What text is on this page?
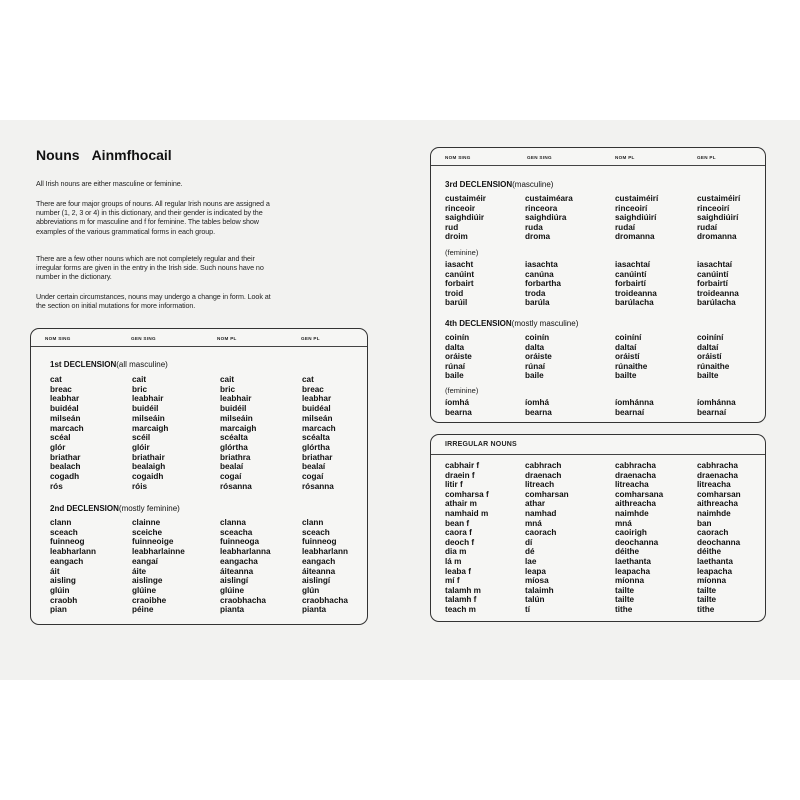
Nouns Ainmfhocail

All Irish nouns are either masculine or feminine.

There are four major groups of nouns. All regular Irish nouns are assigned a

number (1, 2, 3 or 4) in this dictionary, and their gender is indicated by the

abbreviations m for masculine and f for feminine. The tables below show

examples of the various grammatical forms in each group.

There are a few other nouns which are not completely regular and their

irregular forms are given in the entry in the Irish side. Such nouns have no

number in the dictionary.

Under certain circumstances, nouns may undergo a change in form. Look at

the section on initial mutations for more information.

NOM SING	GEN SING	NOM PL	GEN PL
1st DECLENSION(all masculine)
cat	cait	cait	cat
breac	bric	bric	breac
leabhar	leabhair	leabhair	leabhar
buidéal	buidéil	buidéil	buidéal
milseán	milseáin	milseáin	milseán
marcach	marcaigh	marcaigh	marcach
scéal	scéil	scéalta	scéalta
glór	glóir	glórtha	glórtha
briathar	briathair	briathra	briathar
bealach	bealaigh	bealaí	bealaí
cogadh	cogaidh	cogaí	cogaí
rós	róis	rósanna	rósanna
2nd DECLENSION(mostly feminine)
clann	clainne	clanna	clann
sceach	sceiche	sceacha	sceach
fuinneog	fuinneoige	fuinneoga	fuinneog
leabharlann	leabharlainne	leabharlanna	leabharlann
eangach	eangaí	eangacha	eangach
áit	áite	áiteanna	áiteanna
aisling	aislinge	aislingí	aislingí
glúin	glúine	glúine	glún
craobh	craoibhe	craobhacha	craobhacha
pian	péine	pianta	pianta
NOM SING	GEN SING	NOM PL	GEN PL
3rd DECLENSION(masculine)
custaiméir	custaiméara	custaiméirí	custaiméirí
rinceoir	rinceora	rinceoirí	rinceoirí
saighdiúir	saighdiúra	saighdiúirí	saighdiúirí
rud	ruda	rudaí	rudaí
droim	droma	dromanna	dromanna
(feminine)
iasacht	iasachta	iasachtaí	iasachtaí
canúint	canúna	canúintí	canúintí
forbairt	forbartha	forbairtí	forbairtí
troid	troda	troideanna	troideanna
barúil	barúla	barúlacha	barúlacha
4th DECLENSION(mostly masculine)
coinín	coinín	coiníní	coiníní
dalta	dalta	daltaí	daltaí
oráiste	oráiste	oráistí	oráistí
rúnaí	rúnaí	rúnaithe	rúnaithe
baile	baile	bailte	bailte
(feminine)
íomhá	íomhá	íomhánna	íomhánna
bearna	bearna	bearnaí	bearnaí
IRREGULAR NOUNS
cabhair f	cabhrach	cabhracha	cabhracha
draein f	draenach	draenacha	draenacha
litir f	litreach	litreacha	litreacha
comharsa f	comharsan	comharsana	comharsan
athair m	athar	aithreacha	aithreacha
namhaid m	namhad	naimhde	naimhde
bean f	mná	mná	ban
caora f	caorach	caoirigh	caorach
deoch f	dí	deochanna	deochanna
dia m	dé	déithe	déithe
lá m	lae	laethanta	laethanta
leaba f	leapa	leapacha	leapacha
mí f	míosa	míonna	míonna
talamh m	talaimh	tailte	tailte
talamh f	talún	tailte	tailte
teach m	tí	tithe	tithe
